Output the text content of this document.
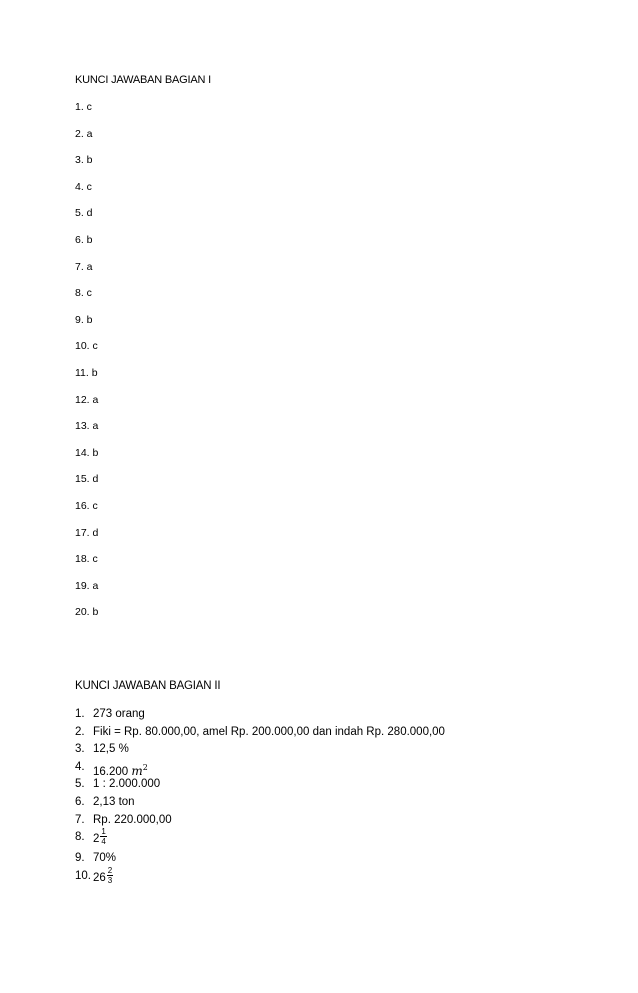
KUNCI JAWABAN BAGIAN I
1. c
2. a
3. b
4. c
5. d
6. b
7. a
8. c
9. b
10. c
11. b
12. a
13. a
14. b
15. d
16. c
17. d
18. c
19. a
20. b
KUNCI JAWABAN BAGIAN II
1. 273 orang
2. Fiki = Rp. 80.000,00, amel Rp. 200.000,00 dan indah Rp. 280.000,00
3. 12,5 %
4. 16.200 $m^2$
5. 1 : 2.000.000
6. 2,13 ton
7. Rp. 220.000,00
8. $2 \frac{1}{4}$
9. 70%
10. $26 \frac{2}{3}$
